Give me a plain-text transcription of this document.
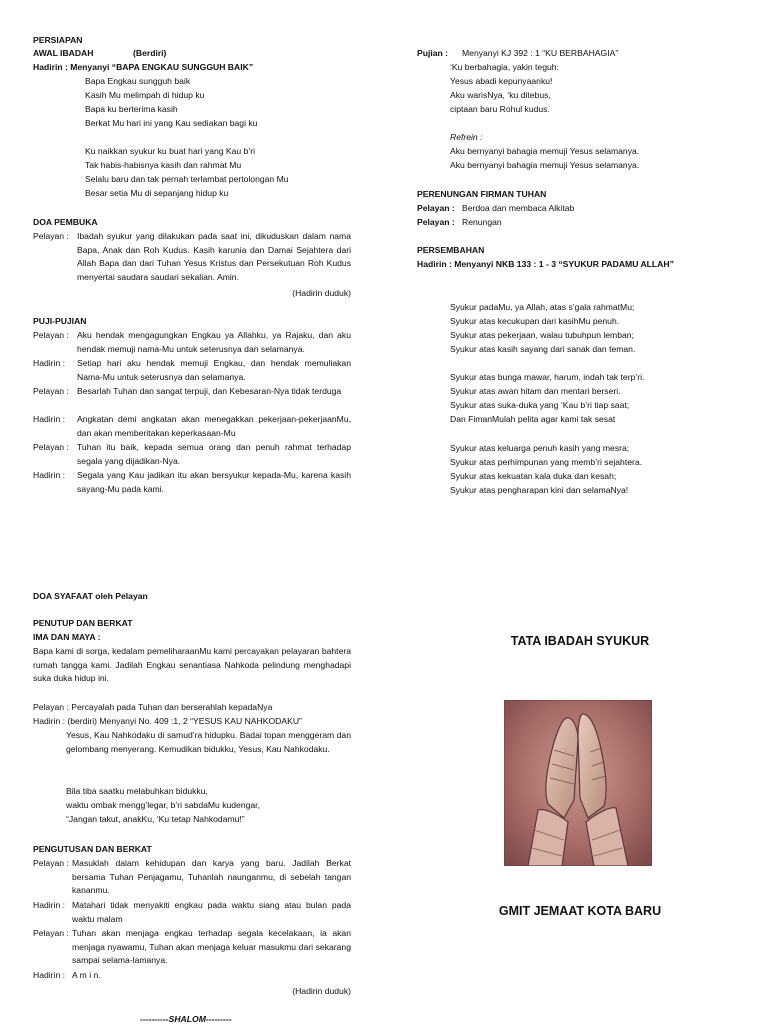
PERSIAPAN
AWAL IBADAH	(Berdiri)
Hadirin : Menyanyi “BAPA ENGKAU SUNGGUH BAIK”
Bapa Engkau sungguh baik
Kasih Mu melimpah di hidup ku
Bapa ku berterima kasih
Berkat Mu hari ini yang Kau sediakan bagi ku
Ku naikkan syukur ku buat hari yang Kau b’ri
Tak habis-habisnya kasih dan rahmat Mu
Selalu baru dan tak pernah terlambat pertolongan Mu
Besar setia Mu di sepanjang hidup ku
DOA PEMBUKA
Pelayan : Ibadah syukur yang dilakukan pada saat ini, dikuduskan dalam nama Bapa, Anak dan Roh Kudus. Kasih karunia dan Damai Sejahtera dari Allah Bapa dan dari Tuhan Yesus Kristus dan Persekutuan Roh Kudus menyertai saudara saudari sekalian. Amin.
(Hadirin duduk)
PUJI-PUJIAN
Pelayan : Aku hendak mengagungkan Engkau ya Allahku, ya Rajaku, dan aku hendak memuji nama-Mu untuk seterusnya dan selamanya.
Hadirin : Setiap hari aku hendak memuji Engkau, dan hendak memuliakan Nama-Mu untuk seterusnya dan selamanya.
Pelayan : Besarlah Tuhan dan sangat terpuji, dan Kebesaran-Nya tidak terduga
Hadirin : Angkatan demi angkatan akan menegakkan pekerjaan-pekerjaanMu, dan akan memberitakan keperkasaan-Mu
Pelayan : Tuhan itu baik, kepada semua orang dan penuh rahmat terhadap segala yang dijadikan-Nya.
Hadirin : Segala yang Kau jadikan itu akan bersyukur kepada-Mu, karena kasih sayang-Mu pada kami.
DOA SYAFAAT oleh Pelayan
PENUTUP DAN BERKAT
IMA DAN MAYA :
Bapa kami di sorga, kedalam pemeliharaanMu kami percayakan pelayaran bahtera rumah tangga kami. Jadilah Engkau senantiasa Nahkoda pelindung menghadapi suka duka hidup ini.
Pelayan : Percayalah pada Tuhan dan berserahlah kepadaNya
Hadirin : (berdiri) Menyanyi No. 409 :1, 2 “YESUS KAU NAHKODAKU”
Yesus, Kau Nahkodaku di samud’ra hidupku. Badai topan menggeram dan gelombang menyerang. Kemudikan bidukku, Yesus, Kau Nahkodaku.
Bila tiba saatku melabuhkan bidukku,
waktu ombak mengg’legar, b’ri sabdaMu kudengar,
“Jangan takut, anakKu, ‘Ku tetap Nahkodamu!”
PENGUTUSAN DAN BERKAT
Pelayan : Masuklah dalam kehidupan dan karya yang baru. Jadilah Berkat bersama Tuhan Penjagamu, Tuhanlah naunganmu, di sebelah tangan kananmu.
Hadirin : Matahari tidak menyakiti engkau pada waktu siang atau bulan pada waktu malam
Pelayan : Tuhan akan menjaga engkau terhadap segala kecelakaan, ia akan menjaga nyawamu, Tuhan akan menjaga keluar masukmu dari sekarang sampai selama-lamanya.
Hadirin : A m i n.
(Hadirin duduk)
----------SHALOM---------
Pujian : Menyanyi KJ 392 : 1 “KU BERBAHAGIA”
‘Ku berbahagia, yakin teguh:
Yesus abadi kepunyaanku!
Aku warisNya, ‘ku ditebus,
ciptaan baru Rohul kudus.
Refrein :
Aku bernyanyi bahagia memuji Yesus selamanya.
Aku bernyanyi bahagia memuji Yesus selamanya.
PERENUNGAN FIRMAN TUHAN
Pelayan : Berdoa dan membaca Alkitab
Pelayan : Renungan
PERSEMBAHAN
Hadirin : Menyanyi NKB 133 : 1 - 3 “SYUKUR PADAMU ALLAH”
Syukur padaMu, ya Allah, atas s’gala rahmatMu;
Syukur atas kecukupan dari kasihMu penuh.
Syukur atas pekerjaan, walau tubuhpun lemban;
Syukur atas kasih sayang dari sanak dan teman.
Syukur atas bunga mawar, harum, indah tak terp’ri.
Syukur atas awan hitam dan mentari berseri.
Syukur atas suka-duka yang ‘Kau b’ri tiap saat;
Dan FimanMulah pelita agar kami tak sesat
Syukur atas keluarga penuh kasih yang mesra;
Syukur atas perhimpunan yang memb’ri sejahtera.
Syukur atas kekuatan kala duka dan kesah;
Syukur atas pengharapan kini dan selamaNya!
TATA IBADAH SYUKUR
GMIT JEMAAT KOTA BARU
